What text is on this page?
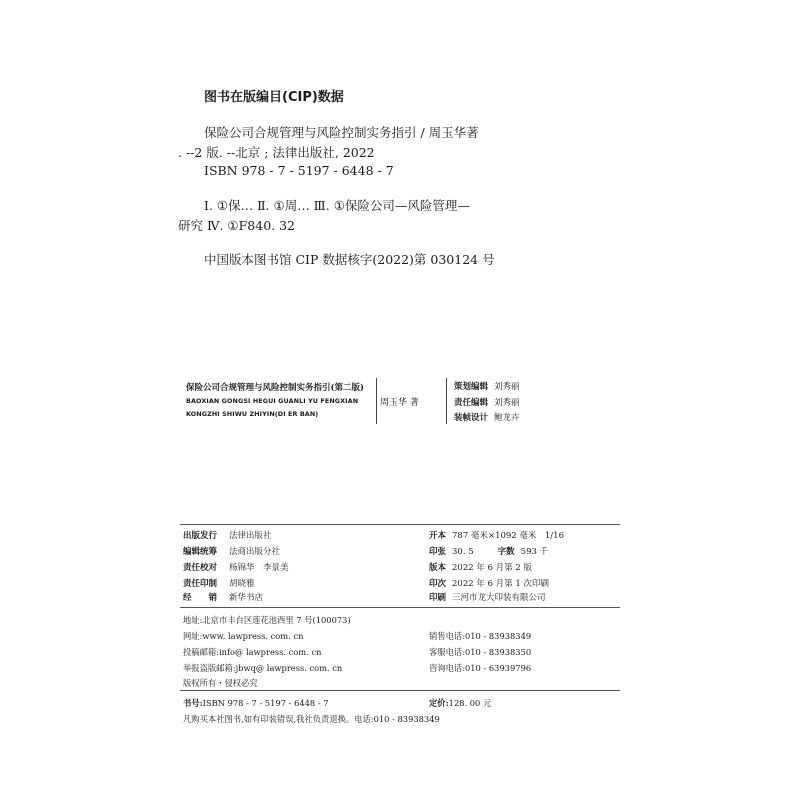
图书在版编目(CIP)数据
保险公司合规管理与风险控制实务指引 / 周玉华著
. --2 版. --北京 ; 法律出版社, 2022
ISBN 978 - 7 - 5197 - 6448 - 7
Ⅰ. ①保… Ⅱ. ①周… Ⅲ. ①保险公司—风险管理—
研究 Ⅳ. ①F840. 32
中国版本图书馆 CIP 数据核字(2022)第 030124 号
保险公司合规管理与风险控制实务指引(第二版)
BAOXIAN GONGSI HEGUI GUANLI YU FENGXIAN
KONGZHI SHIWU ZHIYIN(DI ER BAN)
周玉华 著
策划编辑 刘秀丽
责任编辑 刘秀丽
装帧设计 鲍龙卉
出版发行 法律出版社
编辑统筹 法商出版分社
责任校对 杨锦华　李景美
责任印制 胡晓雅
经　　销 新华书店
开本 787 毫米×1092 毫米　1/16
印张 30. 5	字数 593 千
版本 2022 年 6 月第 2 版
印次 2022 年 6 月第 1 次印刷
印刷 三河市龙大印装有限公司
地址:北京市丰台区莲花池西里 7 号(100073)
网址:www. lawpress. com. cn
投稿邮箱:info@ lawpress. com. cn
举报盗版邮箱:jbwq@ lawpress. com. cn
版权所有・侵权必究
销售电话:010 - 83938349
客服电话:010 - 83938350
咨询电话:010 - 63939796
书号:ISBN 978 - 7 - 5197 - 6448 - 7	定价:128. 00 元
凡购买本社图书,如有印装错误,我社负责退换。电话:010 - 83938349
